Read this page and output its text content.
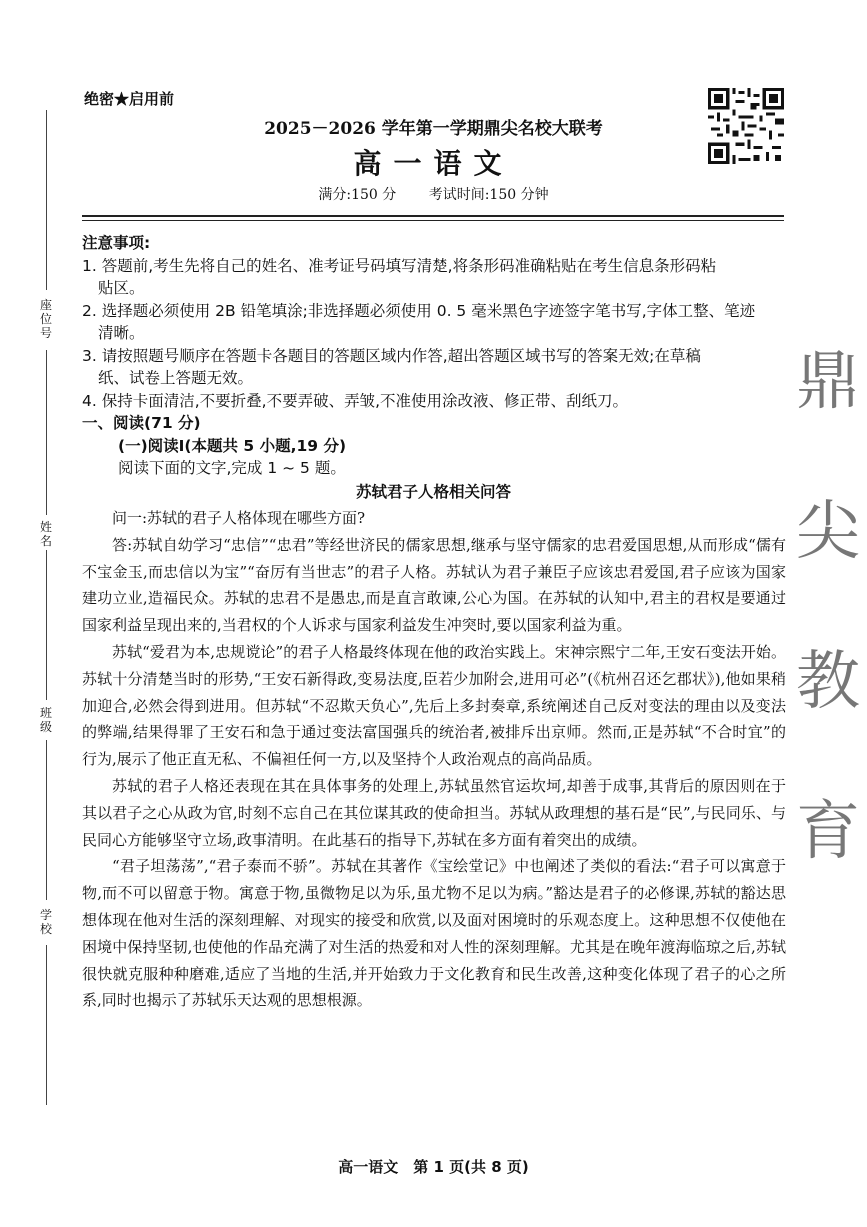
绝密★启用前
2025－2026 学年第一学期鼎尖名校大联考
高一语文
满分:150 分 考试时间:150 分钟
座位号
姓名
班级
学校
鼎
尖
教
育
注意事项:
1. 答题前,考生先将自己的姓名、准考证号码填写清楚,将条形码准确粘贴在考生信息条形码粘
贴区。
2. 选择题必须使用 2B 铅笔填涂;非选择题必须使用 0. 5 毫米黑色字迹签字笔书写,字体工整、笔迹
清晰。
3. 请按照题号顺序在答题卡各题目的答题区域内作答,超出答题区域书写的答案无效;在草稿
纸、试卷上答题无效。
4. 保持卡面清洁,不要折叠,不要弄破、弄皱,不准使用涂改液、修正带、刮纸刀。
一、阅读(71 分)
(一)阅读Ⅰ(本题共 5 小题,19 分)
阅读下面的文字,完成 1 ~ 5 题。
苏轼君子人格相关问答

问一:苏轼的君子人格体现在哪些方面?

答:苏轼自幼学习“忠信”“忠君”等经世济民的儒家思想,继承与坚守儒家的忠君爱国思想,从而形成“儒有不宝金玉,而忠信以为宝”“奋厉有当世志”的君子人格。苏轼认为君子兼臣子应该忠君爱国,君子应该为国家建功立业,造福民众。苏轼的忠君不是愚忠,而是直言敢谏,公心为国。在苏轼的认知中,君主的君权是要通过国家利益呈现出来的,当君权的个人诉求与国家利益发生冲突时,要以国家利益为重。

苏轼“爱君为本,忠规谠论”的君子人格最终体现在他的政治实践上。宋神宗熙宁二年,王安石变法开始。苏轼十分清楚当时的形势,“王安石新得政,变易法度,臣若少加附会,进用可必”(《杭州召还乞郡状》),他如果稍加迎合,必然会得到进用。但苏轼“不忍欺天负心”,先后上多封奏章,系统阐述自己反对变法的理由以及变法的弊端,结果得罪了王安石和急于通过变法富国强兵的统治者,被排斥出京师。然而,正是苏轼“不合时宜”的行为,展示了他正直无私、不偏袒任何一方,以及坚持个人政治观点的高尚品质。

苏轼的君子人格还表现在其在具体事务的处理上,苏轼虽然官运坎坷,却善于成事,其背后的原因则在于其以君子之心从政为官,时刻不忘自己在其位谋其政的使命担当。苏轼从政理想的基石是“民”,与民同乐、与民同心方能够坚守立场,政事清明。在此基石的指导下,苏轼在多方面有着突出的成绩。

“君子坦荡荡”,“君子泰而不骄”。苏轼在其著作《宝绘堂记》中也阐述了类似的看法:“君子可以寓意于物,而不可以留意于物。寓意于物,虽微物足以为乐,虽尤物不足以为病。”豁达是君子的必修课,苏轼的豁达思想体现在他对生活的深刻理解、对现实的接受和欣赏,以及面对困境时的乐观态度上。这种思想不仅使他在困境中保持坚韧,也使他的作品充满了对生活的热爱和对人性的深刻理解。尤其是在晚年渡海临琼之后,苏轼很快就克服种种磨难,适应了当地的生活,并开始致力于文化教育和民生改善,这种变化体现了君子的心之所系,同时也揭示了苏轼乐天达观的思想根源。

高一语文　第 1 页(共 8 页)
